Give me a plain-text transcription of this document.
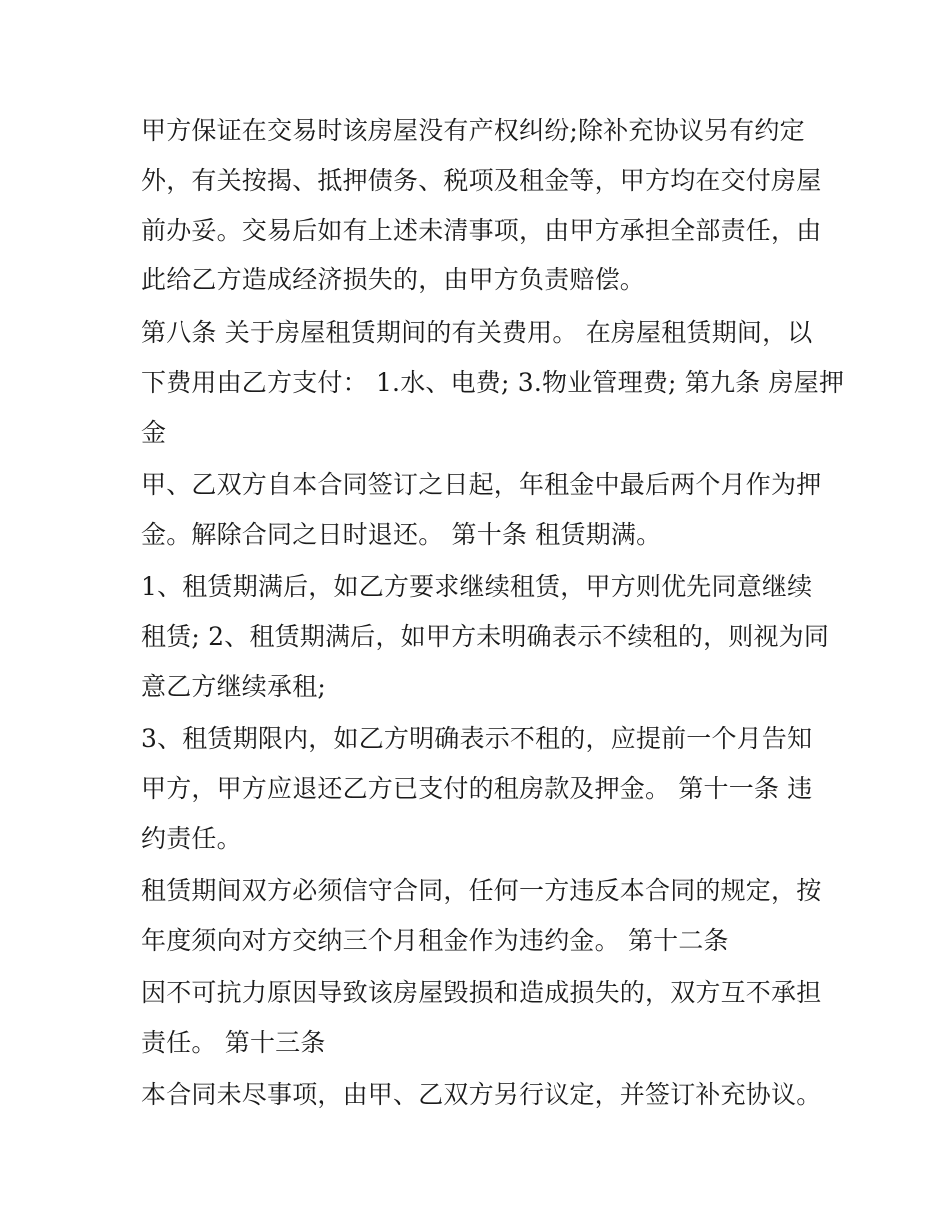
甲方保证在交易时该房屋没有产权纠纷;除补充协议另有约定
外，有关按揭、抵押债务、税项及租金等，甲方均在交付房屋
前办妥。交易后如有上述未清事项，由甲方承担全部责任，由
此给乙方造成经济损失的，由甲方负责赔偿。
第八条 关于房屋租赁期间的有关费用。 在房屋租赁期间，以
下费用由乙方支付： 1.水、电费; 3.物业管理费; 第九条 房屋押
金
甲、乙双方自本合同签订之日起，年租金中最后两个月作为押
金。解除合同之日时退还。 第十条 租赁期满。
1、租赁期满后，如乙方要求继续租赁，甲方则优先同意继续
租赁; 2、租赁期满后，如甲方未明确表示不续租的，则视为同
意乙方继续承租;
3、租赁期限内，如乙方明确表示不租的，应提前一个月告知
甲方，甲方应退还乙方已支付的租房款及押金。 第十一条 违
约责任。
租赁期间双方必须信守合同，任何一方违反本合同的规定，按
年度须向对方交纳三个月租金作为违约金。 第十二条
因不可抗力原因导致该房屋毁损和造成损失的，双方互不承担
责任。 第十三条
本合同未尽事项，由甲、乙双方另行议定，并签订补充协议。
